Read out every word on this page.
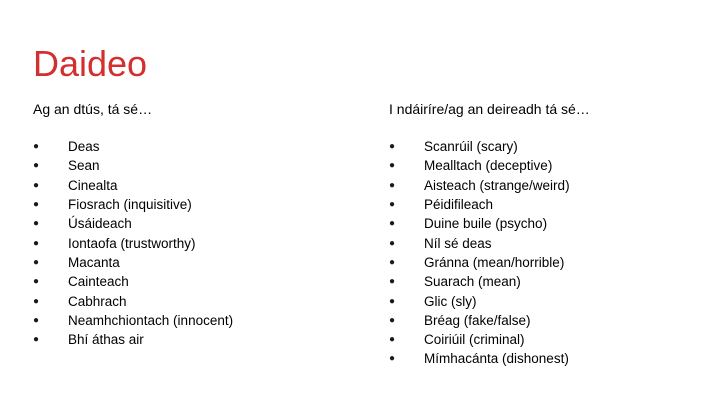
Daideo
Ag an dtús, tá sé…
●	Deas
●	Sean
●	Cinealta
●	Fiosrach (inquisitive)
●	Úsáideach
●	Iontaofa (trustworthy)
●	Macanta
●	Cainteach
●	Cabhrach
●	Neamhchiontach (innocent)
●	Bhí áthas air
I ndáiríre/ag an deireadh tá sé…
●	Scanrúil (scary)
●	Mealltach (deceptive)
●	Aisteach (strange/weird)
●	Péidifileach
●	Duine buile (psycho)
●	Níl sé deas
●	Gránna (mean/horrible)
●	Suarach (mean)
●	Glic (sly)
●	Bréag (fake/false)
●	Coiriúil (criminal)
●	Mímhacánta (dishonest)
